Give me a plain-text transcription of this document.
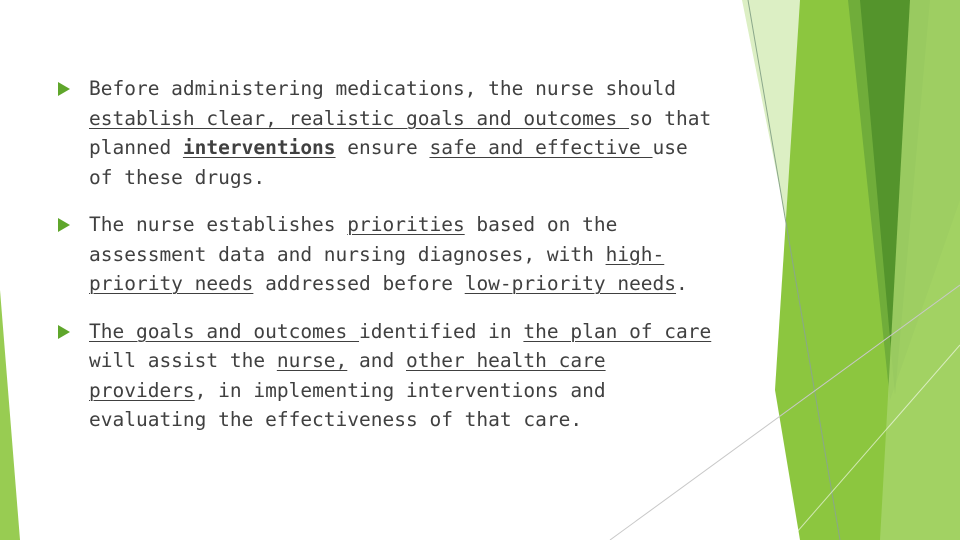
Before administering medications, the nurse should establish clear, realistic goals and outcomes so that planned interventions ensure safe and effective use of these drugs.
The nurse establishes priorities based on the assessment data and nursing diagnoses, with high-priority needs addressed before low-priority needs.
The goals and outcomes identified in the plan of care will assist the nurse, and other health care providers, in implementing interventions and evaluating the effectiveness of that care.
